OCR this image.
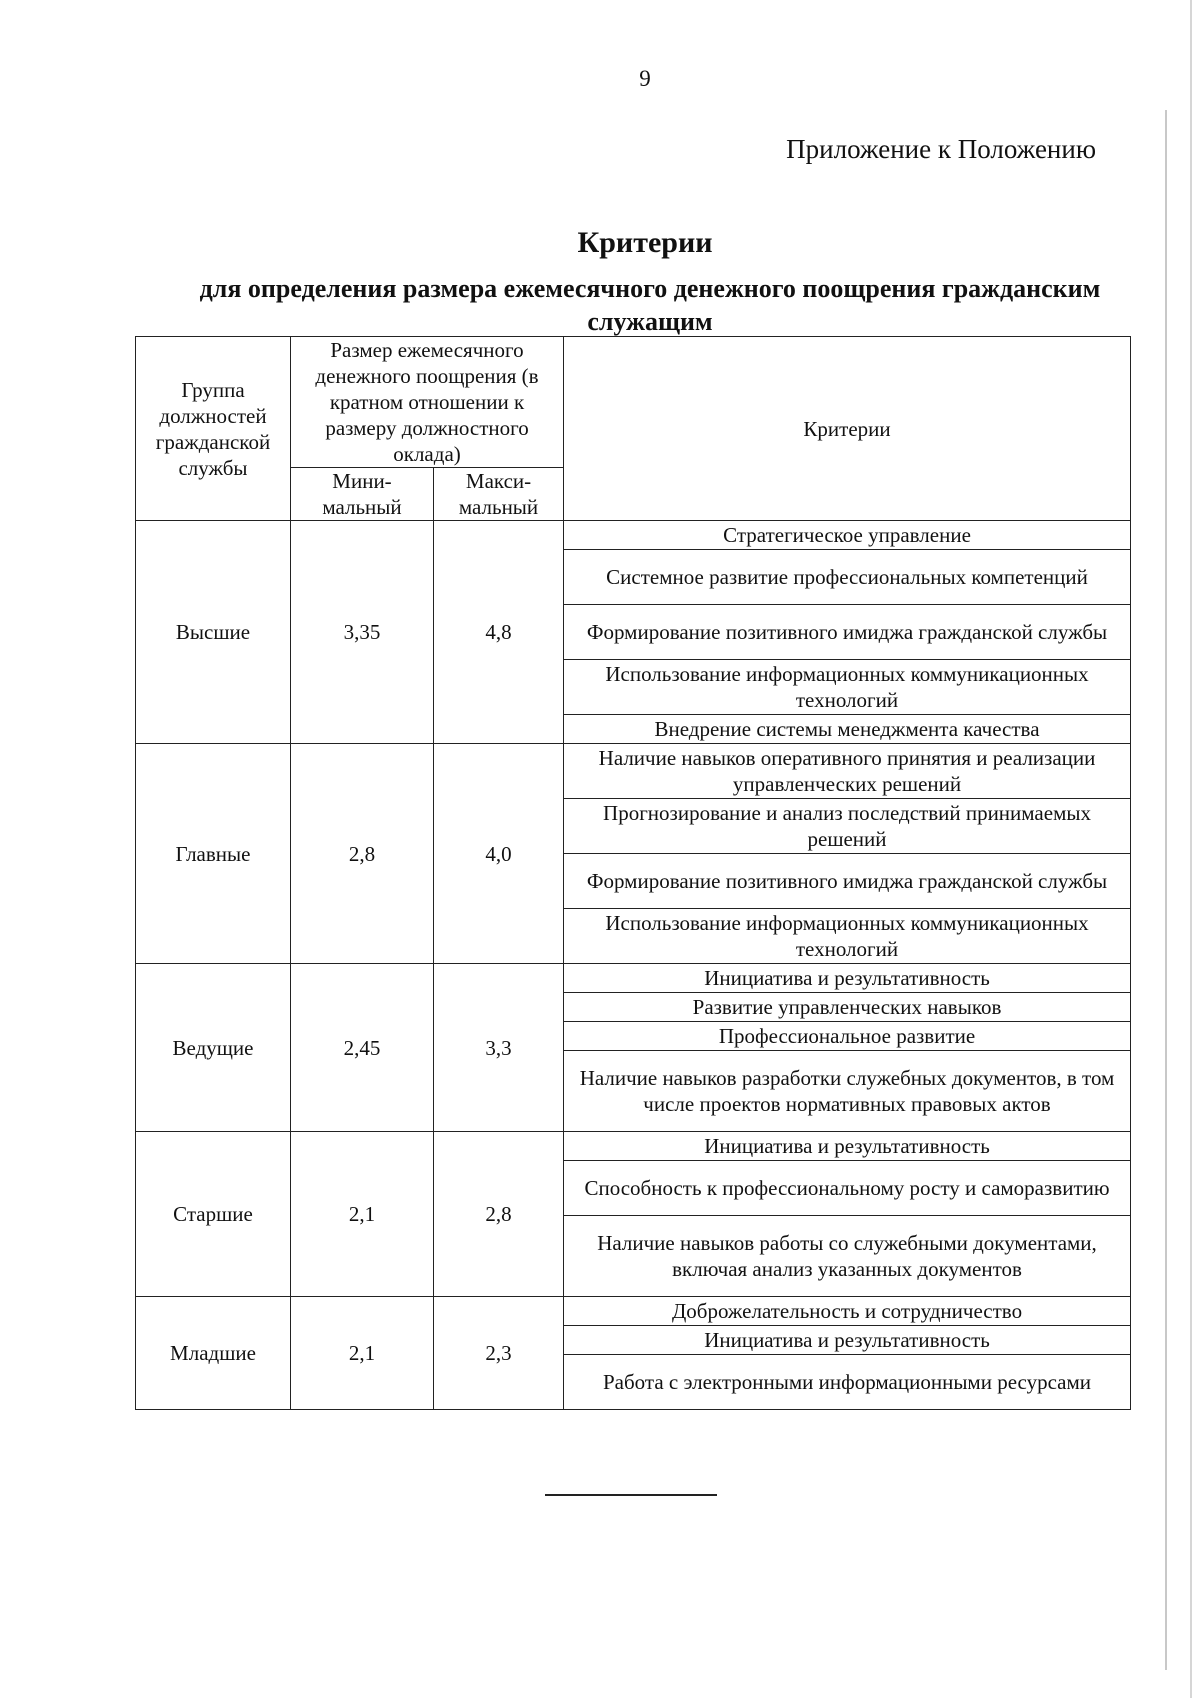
9
Приложение к Положению
Критерии
для определения размера ежемесячного денежного поощрения гражданским служащим
Группа должностей гражданской службы	Размер ежемесячного денежного поощрения (в кратном отношении к размеру должностного оклада)		Критерии
	Мини-мальный	Макси-мальный	
Высшие	3,35	4,8	Стратегическое управление
			Системное развитие профессиональных компетенций
			Формирование позитивного имиджа гражданской службы
			Использование информационных коммуникационных технологий
			Внедрение системы менеджмента качества
Главные	2,8	4,0	Наличие навыков оперативного принятия и реализации управленческих решений
			Прогнозирование и анализ последствий принимаемых решений
			Формирование позитивного имиджа гражданской службы
			Использование информационных коммуникационных технологий
Ведущие	2,45	3,3	Инициатива и результативность
			Развитие управленческих навыков
			Профессиональное развитие
			Наличие навыков разработки служебных документов, в том числе проектов нормативных правовых актов
Старшие	2,1	2,8	Инициатива и результативность
			Способность к профессиональному росту и саморазвитию
			Наличие навыков работы со служебными документами, включая анализ указанных документов
Младшие	2,1	2,3	Доброжелательность и сотрудничество
			Инициатива и результативность
			Работа с электронными информационными ресурсами
